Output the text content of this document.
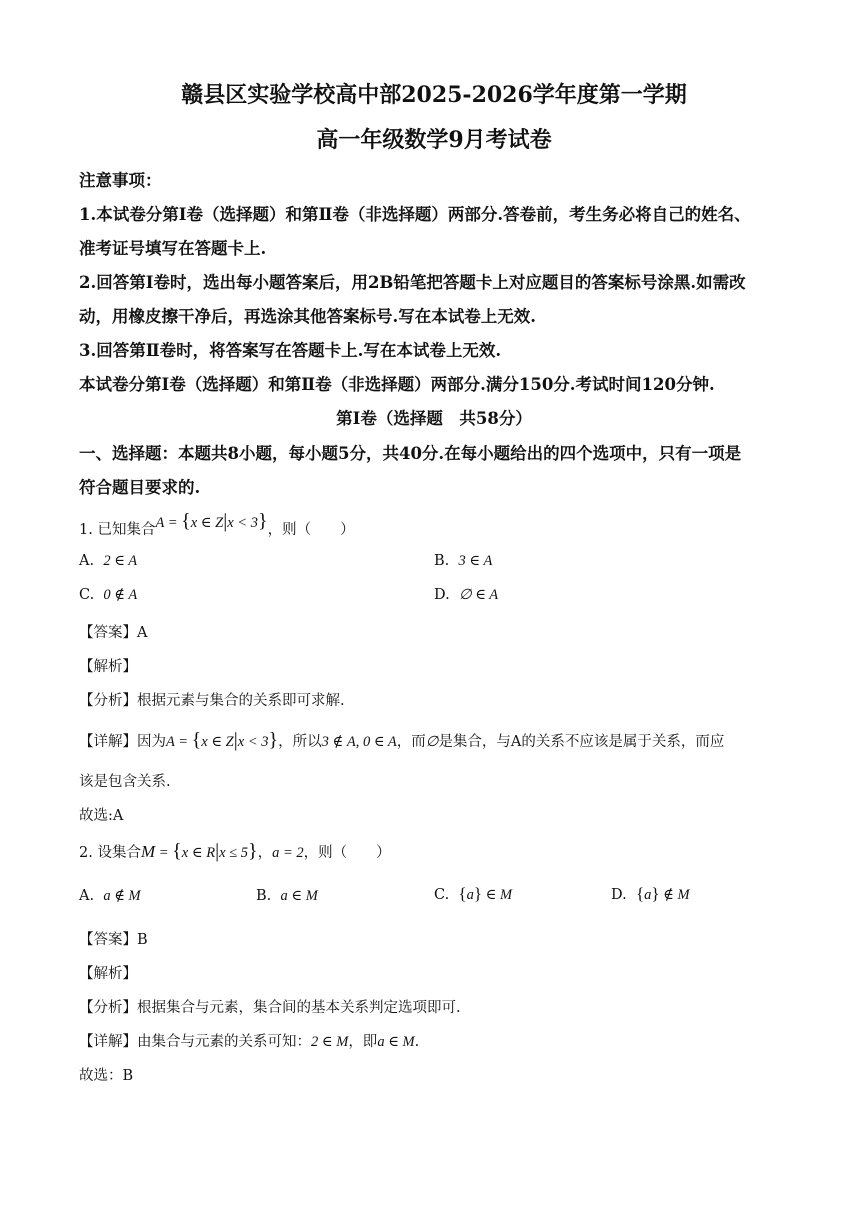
赣县区实验学校高中部2025-2026学年度第一学期
高一年级数学9月考试卷
注意事项：
1.本试卷分第Ⅰ卷（选择题）和第Ⅱ卷（非选择题）两部分.答卷前，考生务必将自己的姓名、
准考证号填写在答题卡上.
2.回答第Ⅰ卷时，选出每小题答案后，用2B铅笔把答题卡上对应题目的答案标号涂黑.如需改
动，用橡皮擦干净后，再选涂其他答案标号.写在本试卷上无效.
3.回答第Ⅱ卷时，将答案写在答题卡上.写在本试卷上无效.
本试卷分第Ⅰ卷（选择题）和第Ⅱ卷（非选择题）两部分.满分150分.考试时间120分钟.
第Ⅰ卷（选择题　共58分）
一、选择题：本题共8小题，每小题5分，共40分.在每小题给出的四个选项中，只有一项是
符合题目要求的.
1. 已知集合A = {x ∈ Z|x < 3}，则（　　）
A. 2 ∈ A	B. 3 ∈ A
C. 0 ∉ A	D. ∅ ∈ A
【答案】A
【解析】
【分析】根据元素与集合的关系即可求解.
【详解】因为A = {x ∈ Z|x < 3}，所以3 ∉ A, 0 ∈ A，而∅是集合，与A的关系不应该是属于关系，而应
该是包含关系.
故选:A
2. 设集合M = {x ∈ R|x ≤ 5}，a = 2，则（　　）
A. a ∉ M	B. a ∈ M	C. {a} ∈ M	D. {a} ∉ M
【答案】B
【解析】
【分析】根据集合与元素，集合间的基本关系判定选项即可.
【详解】由集合与元素的关系可知：2 ∈ M，即a ∈ M.
故选：B
